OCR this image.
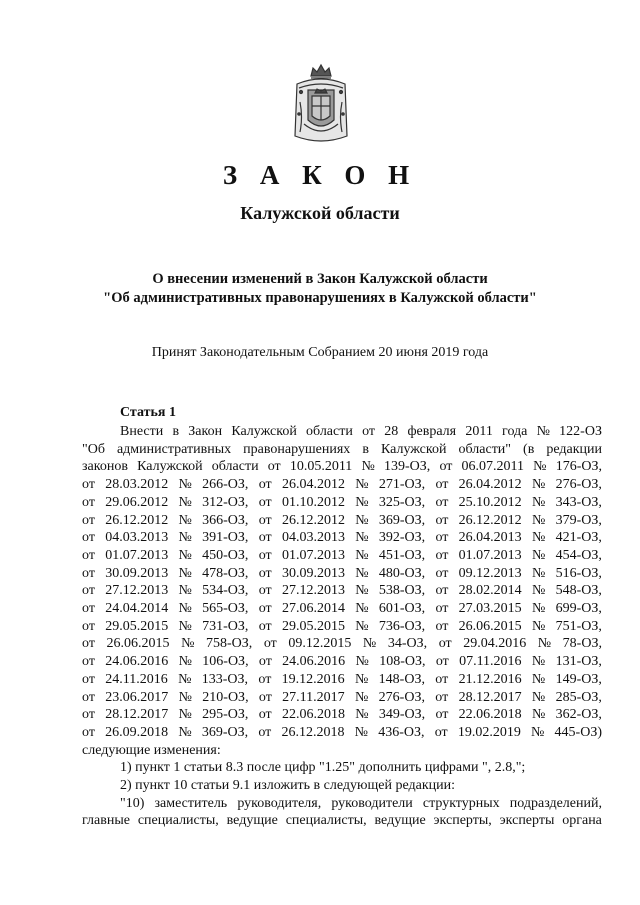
З А К О Н
Калужской области
О внесении изменений в Закон Калужской области
"Об административных правонарушениях в Калужской области"
Принят Законодательным Собранием 20 июня 2019 года
Статья 1
Внести в Закон Калужской области от 28 февраля 2011 года № 122-ОЗ
"Об административных правонарушениях в Калужской области" (в редакции
законов Калужской области от 10.05.2011 № 139-ОЗ, от 06.07.2011 № 176-ОЗ,
от 28.03.2012 № 266-ОЗ, от 26.04.2012 № 271-ОЗ, от 26.04.2012 № 276-ОЗ,
от 29.06.2012 № 312-ОЗ, от 01.10.2012 № 325-ОЗ, от 25.10.2012 № 343-ОЗ,
от 26.12.2012 № 366-ОЗ, от 26.12.2012 № 369-ОЗ, от 26.12.2012 № 379-ОЗ,
от 04.03.2013 № 391-ОЗ, от 04.03.2013 № 392-ОЗ, от 26.04.2013 № 421-ОЗ,
от 01.07.2013 № 450-ОЗ, от 01.07.2013 № 451-ОЗ, от 01.07.2013 № 454-ОЗ,
от 30.09.2013 № 478-ОЗ, от 30.09.2013 № 480-ОЗ, от 09.12.2013 № 516-ОЗ,
от 27.12.2013 № 534-ОЗ, от 27.12.2013 № 538-ОЗ, от 28.02.2014 № 548-ОЗ,
от 24.04.2014 № 565-ОЗ, от 27.06.2014 № 601-ОЗ, от 27.03.2015 № 699-ОЗ,
от 29.05.2015 № 731-ОЗ, от 29.05.2015 № 736-ОЗ, от 26.06.2015 № 751-ОЗ,
от 26.06.2015 № 758-ОЗ, от 09.12.2015 № 34-ОЗ, от 29.04.2016 № 78-ОЗ,
от 24.06.2016 № 106-ОЗ, от 24.06.2016 № 108-ОЗ, от 07.11.2016 № 131-ОЗ,
от 24.11.2016 № 133-ОЗ, от 19.12.2016 № 148-ОЗ, от 21.12.2016 № 149-ОЗ,
от 23.06.2017 № 210-ОЗ, от 27.11.2017 № 276-ОЗ, от 28.12.2017 № 285-ОЗ,
от 28.12.2017 № 295-ОЗ, от 22.06.2018 № 349-ОЗ, от 22.06.2018 № 362-ОЗ,
от 26.09.2018 № 369-ОЗ, от 26.12.2018 № 436-ОЗ, от 19.02.2019 № 445-ОЗ)
следующие изменения:
1) пункт 1 статьи 8.3 после цифр "1.25" дополнить цифрами ", 2.8,";
2) пункт 10 статьи 9.1 изложить в следующей редакции:
"10) заместитель руководителя, руководители структурных подразделений,
главные специалисты, ведущие специалисты, ведущие эксперты, эксперты органа
